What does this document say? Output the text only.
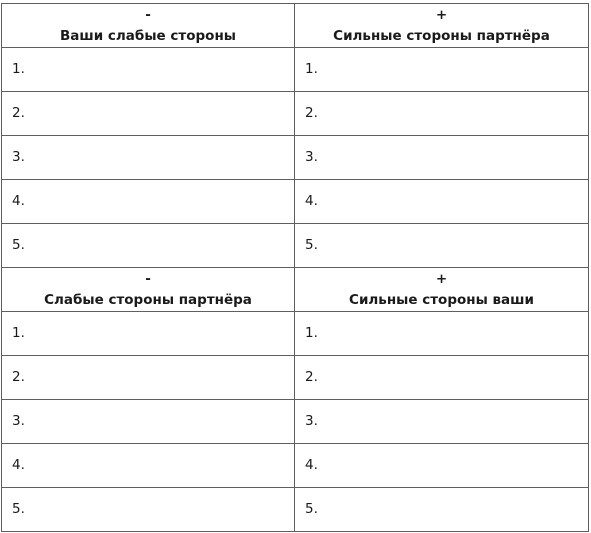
-
Ваши слабые стороны	+
Сильные стороны партнёра

1.	1.
2.	2.
3.	3.
4.	4.
5.	5.

-
Слабые стороны партнёра	+
Сильные стороны ваши

1.	1.
2.	2.
3.	3.
4.	4.
5.	5.
